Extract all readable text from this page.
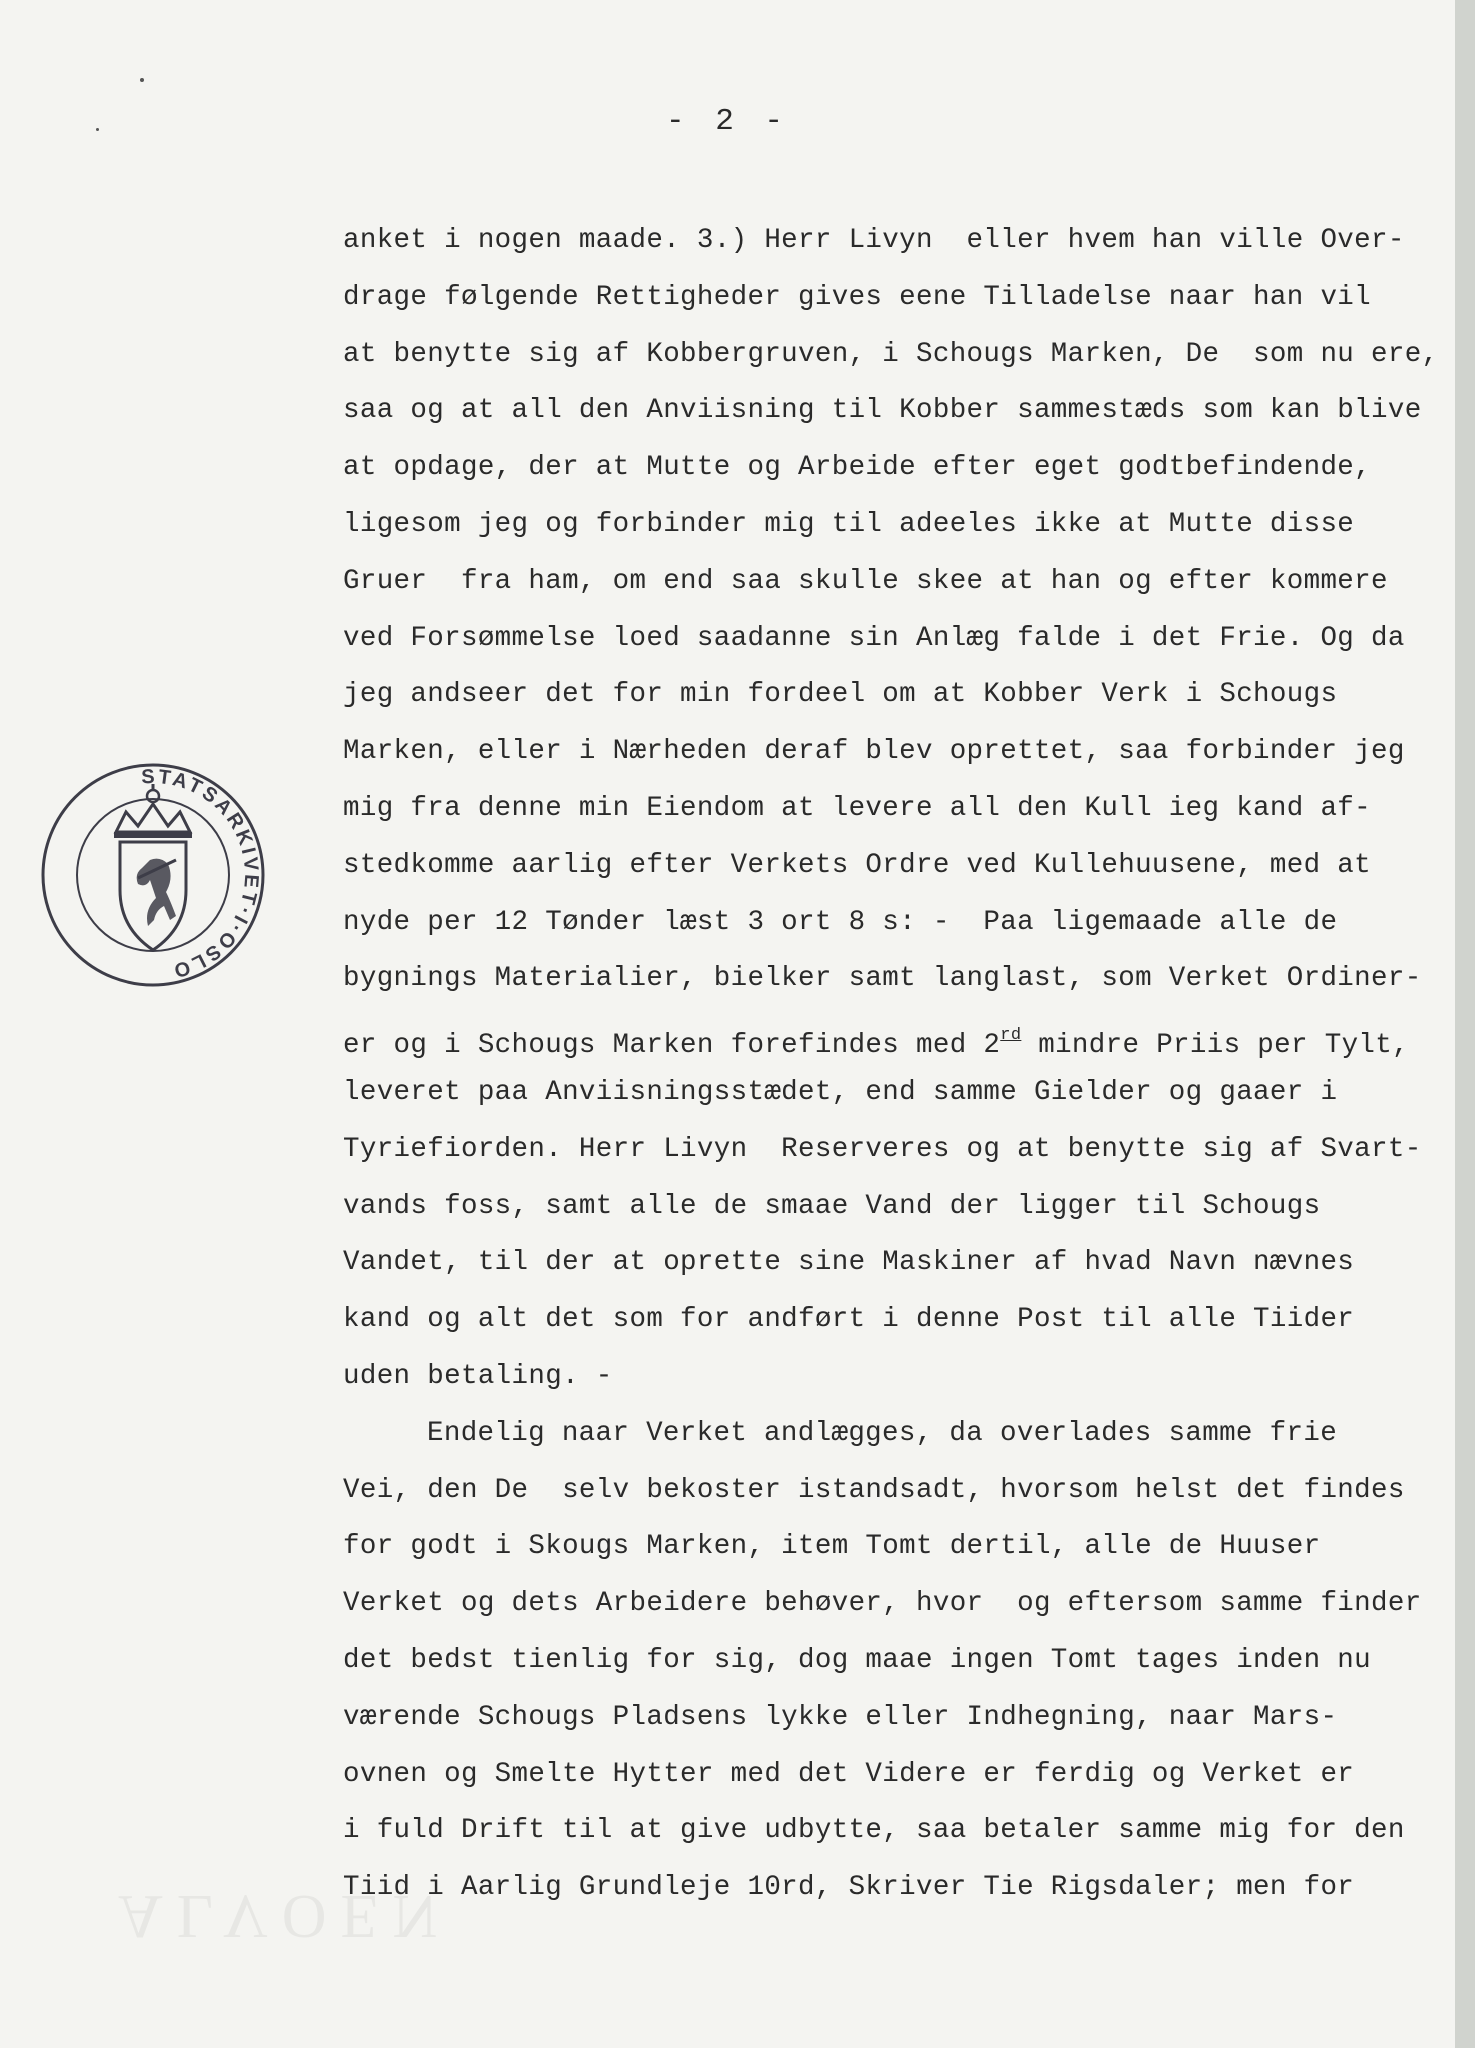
- 2 -
ALVOEN
STATSARKIVET·I·OSLO
anket i nogen maade. 3.) Herr Livyn  eller hvem han ville Over-
drage følgende Rettigheder gives eene Tilladelse naar han vil
at benytte sig af Kobbergruven, i Schougs Marken, De  som nu ere,
saa og at all den Anviisning til Kobber sammestæds som kan blive
at opdage, der at Mutte og Arbeide efter eget godtbefindende,
ligesom jeg og forbinder mig til adeeles ikke at Mutte disse
Gruer  fra ham, om end saa skulle skee at han og efter kommere
ved Forsømmelse loed saadanne sin Anlæg falde i det Frie. Og da
jeg andseer det for min fordeel om at Kobber Verk i Schougs
Marken, eller i Nærheden deraf blev oprettet, saa forbinder jeg
mig fra denne min Eiendom at levere all den Kull ieg kand af-
stedkomme aarlig efter Verkets Ordre ved Kullehuusene, med at
nyde per 12 Tønder læst 3 ort 8 s: -  Paa ligemaade alle de
bygnings Materialier, bielker samt langlast, som Verket Ordiner-
er og i Schougs Marken forefindes med 2rd mindre Priis per Tylt,
leveret paa Anviisningsstædet, end samme Gielder og gaaer i
Tyriefiorden. Herr Livyn  Reserveres og at benytte sig af Svart-
vands foss, samt alle de smaae Vand der ligger til Schougs
Vandet, til der at oprette sine Maskiner af hvad Navn nævnes
kand og alt det som for andført i denne Post til alle Tiider
uden betaling. -
Endelig naar Verket andlægges, da overlades samme frie
Vei, den De  selv bekoster istandsadt, hvorsom helst det findes
for godt i Skougs Marken, item Tomt dertil, alle de Huuser
Verket og dets Arbeidere behøver, hvor  og eftersom samme finder
det bedst tienlig for sig, dog maae ingen Tomt tages inden nu
værende Schougs Pladsens lykke eller Indhegning, naar Mars-
ovnen og Smelte Hytter med det Videre er ferdig og Verket er
i fuld Drift til at give udbytte, saa betaler samme mig for den
Tiid i Aarlig Grundleje 10rd, Skriver Tie Rigsdaler; men for
